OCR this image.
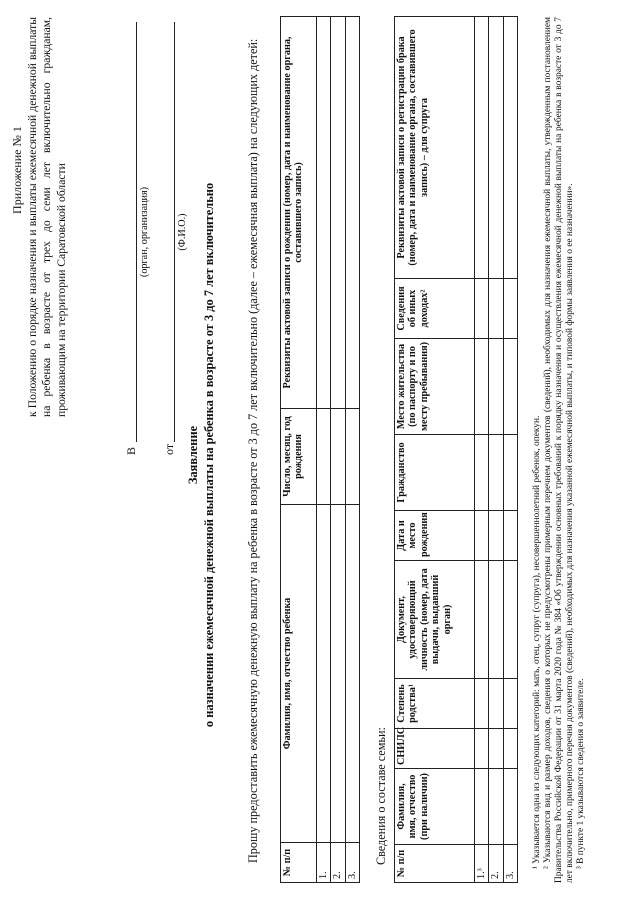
Приложение № 1 к Положению о порядке назначения и выплаты ежемесячной денежной выплаты на ребенка в возрасте от трех до семи лет включительно гражданам, проживающим на территории Саратовской области
В
(орган, организация)
от
(Ф.И.О.)
Заявление о назначении ежемесячной денежной выплаты на ребенка в возрасте от 3 до 7 лет включительно Прошу предоставить ежемесячную денежную выплату на ребенка в возрасте от 3 до 7 лет включительно (далее – ежемесячная выплата) на следующих детей: № п/п	Фамилия, имя, отчество ребенка	Число, месяц, год рождения	Реквизиты актовой записи о рождении (номер, дата и наименование органа, составившего запись)
1.			
2.			
3.			
Сведения о составе семьи: № п/п	Фамилия, имя, отчество (при наличии)	СНИЛС	Степень родства¹	Документ, удостоверяющий личность (номер, дата выдачи, выдавший орган)	Дата и место рождения	Гражданство	Место жительства (по паспорту и по месту пребывания)	Сведения об иных доходах²	Реквизиты актовой записи о регистрации брака (номер, дата и наименование органа, составившего запись) – для супруга
1.³									
2.									
3.									
¹ Указывается одна из следующих категорий: мать, отец, супруг (супруга), несовершеннолетний ребенок, опекун. ² Указываются вид и размер доходов, сведения о которых не предусмотрены примерным перечнем документов (сведений), необходимых для назначения ежемесячной выплаты, утвержденным постановлением Правительства Российской Федерации от 31 марта 2020 года № 384 «Об утверждении основных требований к порядку назначения и осуществления ежемесячной денежной выплаты на ребенка в возрасте от 3 до 7 лет включительно, примерного перечня документов (сведений), необходимых для назначения указанной ежемесячной выплаты, и типовой формы заявления о ее назначении». ³ В пункте 1 указываются сведения о заявителе.
